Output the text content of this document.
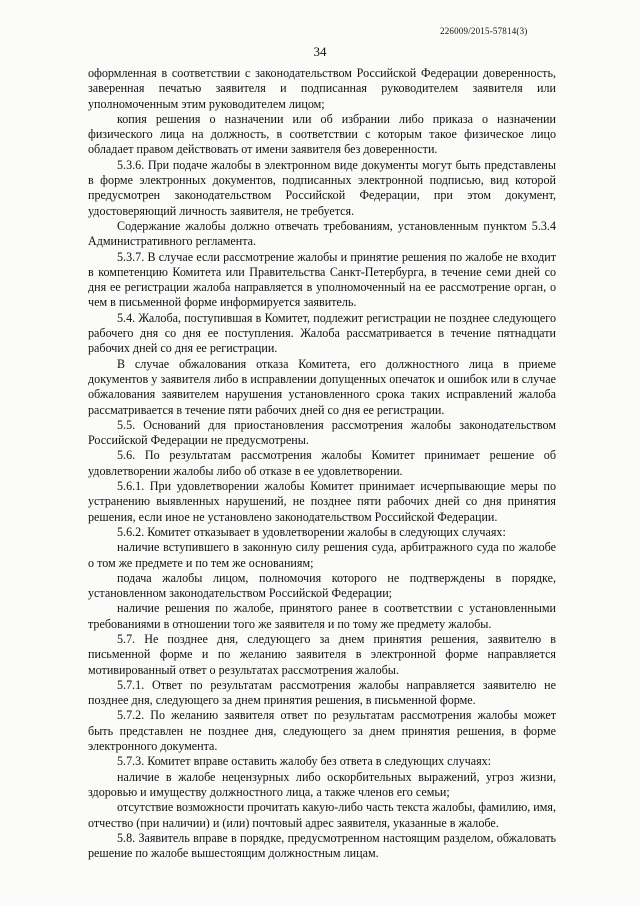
226009/2015-57814(3)
34

оформленная в соответствии с законодательством Российской Федерации доверенность, заверенная печатью заявителя и подписанная руководителем заявителя или уполномоченным этим руководителем лицом;

копия решения о назначении или об избрании либо приказа о назначении физического лица на должность, в соответствии с которым такое физическое лицо обладает правом действовать от имени заявителя без доверенности.

5.3.6. При подаче жалобы в электронном виде документы могут быть представлены в форме электронных документов, подписанных электронной подписью, вид которой предусмотрен законодательством Российской Федерации, при этом документ, удостоверяющий личность заявителя, не требуется.

Содержание жалобы должно отвечать требованиям, установленным пунктом 5.3.4 Административного регламента.

5.3.7. В случае если рассмотрение жалобы и принятие решения по жалобе не входит в компетенцию Комитета или Правительства Санкт-Петербурга, в течение семи дней со дня ее регистрации жалоба направляется в уполномоченный на ее рассмотрение орган, о чем в письменной форме информируется заявитель.

5.4. Жалоба, поступившая в Комитет, подлежит регистрации не позднее следующего рабочего дня со дня ее поступления. Жалоба рассматривается в течение пятнадцати рабочих дней со дня ее регистрации.

В случае обжалования отказа Комитета, его должностного лица в приеме документов у заявителя либо в исправлении допущенных опечаток и ошибок или в случае обжалования заявителем нарушения установленного срока таких исправлений жалоба рассматривается в течение пяти рабочих дней со дня ее регистрации.

5.5. Оснований для приостановления рассмотрения жалобы законодательством Российской Федерации не предусмотрены.

5.6. По результатам рассмотрения жалобы Комитет принимает решение об удовлетворении жалобы либо об отказе в ее удовлетворении.

5.6.1. При удовлетворении жалобы Комитет принимает исчерпывающие меры по устранению выявленных нарушений, не позднее пяти рабочих дней со дня принятия решения, если иное не установлено законодательством Российской Федерации.

5.6.2. Комитет отказывает в удовлетворении жалобы в следующих случаях:

наличие вступившего в законную силу решения суда, арбитражного суда по жалобе о том же предмете и по тем же основаниям;

подача жалобы лицом, полномочия которого не подтверждены в порядке, установленном законодательством Российской Федерации;

наличие решения по жалобе, принятого ранее в соответствии с установленными требованиями в отношении того же заявителя и по тому же предмету жалобы.

5.7. Не позднее дня, следующего за днем принятия решения, заявителю в письменной форме и по желанию заявителя в электронной форме направляется мотивированный ответ о результатах рассмотрения жалобы.

5.7.1. Ответ по результатам рассмотрения жалобы направляется заявителю не позднее дня, следующего за днем принятия решения, в письменной форме.

5.7.2. По желанию заявителя ответ по результатам рассмотрения жалобы может быть представлен не позднее дня, следующего за днем принятия решения, в форме электронного документа.

5.7.3. Комитет вправе оставить жалобу без ответа в следующих случаях:

наличие в жалобе нецензурных либо оскорбительных выражений, угроз жизни, здоровью и имуществу должностного лица, а также членов его семьи;

отсутствие возможности прочитать какую-либо часть текста жалобы, фамилию, имя, отчество (при наличии) и (или) почтовый адрес заявителя, указанные в жалобе.

5.8. Заявитель вправе в порядке, предусмотренном настоящим разделом, обжаловать решение по жалобе вышестоящим должностным лицам.
